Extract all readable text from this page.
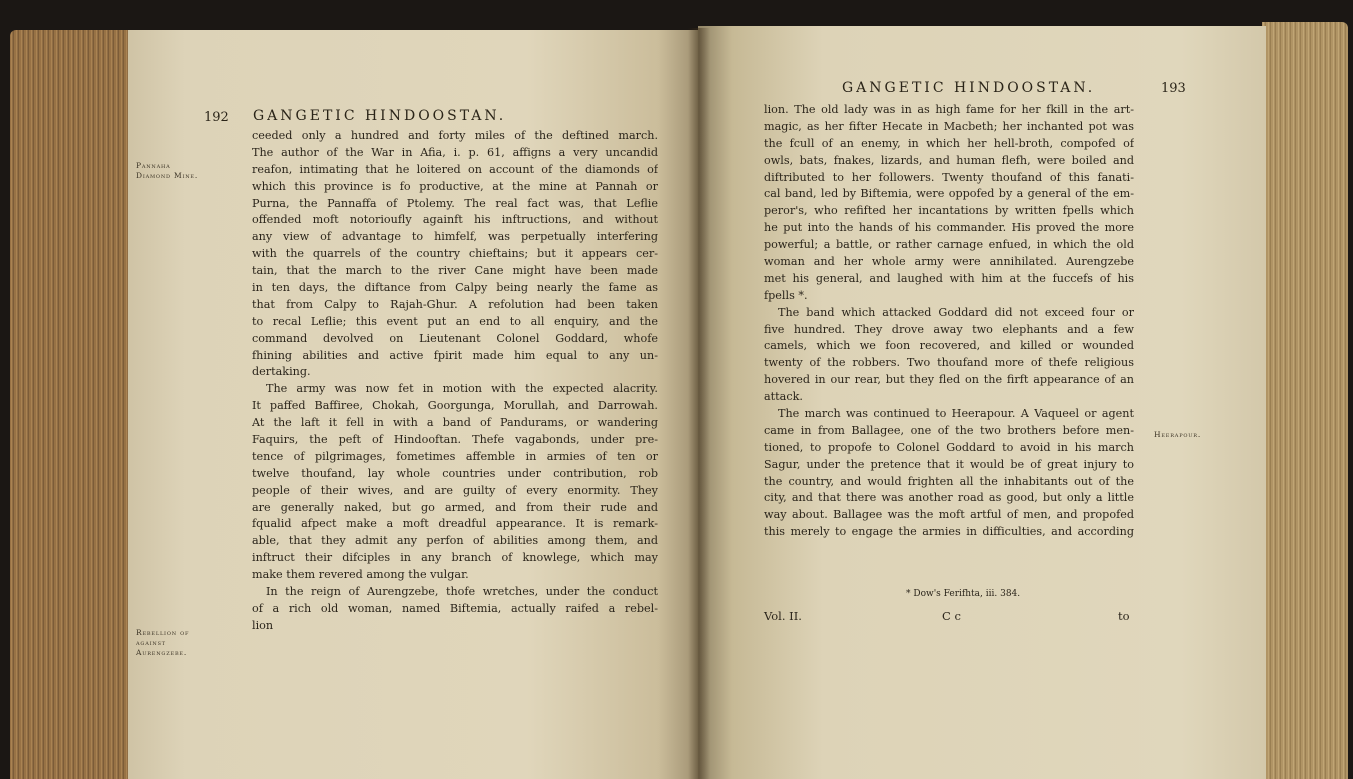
192 GANGETIC HINDOOSTAN.
Pannaha Diamond Mine.
Rebellion of against Aurengzebe.
ceeded only a hundred and forty miles of the deftined march.
The author of the War in Afia, i. p. 61, affigns a very uncandid
reafon, intimating that he loitered on account of the diamonds of
which this province is fo productive, at the mine at Pannah or
Purna, the Pannaffa of Ptolemy. The real fact was, that Leflie
offended moft notorioufly againft his inftructions, and without
any view of advantage to himfelf, was perpetually interfering
with the quarrels of the country chieftains; but it appears cer-
tain, that the march to the river Cane might have been made
in ten days, the diftance from Calpy being nearly the fame as
that from Calpy to Rajah-Ghur. A refolution had been taken
to recal Leflie; this event put an end to all enquiry, and the
command devolved on Lieutenant Colonel Goddard, whofe
fhining abilities and active fpirit made him equal to any un-
dertaking.
The army was now fet in motion with the expected alacrity.
It paffed Baffiree, Chokah, Goorgunga, Morullah, and Darrowah.
At the laft it fell in with a band of Pandurams, or wandering
Faquirs, the peft of Hindooftan. Thefe vagabonds, under pre-
tence of pilgrimages, fometimes affemble in armies of ten or
twelve thoufand, lay whole countries under contribution, rob
people of their wives, and are guilty of every enormity. They
are generally naked, but go armed, and from their rude and
fqualid afpect make a moft dreadful appearance. It is remark-
able, that they admit any perfon of abilities among them, and
inftruct their difciples in any branch of knowlege, which may
make them revered among the vulgar.
In the reign of Aurengzebe, thofe wretches, under the conduct
of a rich old woman, named Biftemia, actually raifed a rebel-
lion
GANGETIC HINDOOSTAN.	193
Heerapour.
lion. The old lady was in as high fame for her fkill in the art-
magic, as her fifter Hecate in Macbeth; her inchanted pot was
the fcull of an enemy, in which her hell-broth, compofed of
owls, bats, fnakes, lizards, and human flefh, were boiled and
diftributed to her followers. Twenty thoufand of this fanati-
cal band, led by Biftemia, were oppofed by a general of the em-
peror's, who refifted her incantations by written fpells which
he put into the hands of his commander. His proved the more
powerful; a battle, or rather carnage enfued, in which the old
woman and her whole army were annihilated. Aurengzebe
met his general, and laughed with him at the fuccefs of his
fpells *.
The band which attacked Goddard did not exceed four or
five hundred. They drove away two elephants and a few
camels, which we foon recovered, and killed or wounded
twenty of the robbers. Two thoufand more of thefe religious
hovered in our rear, but they fled on the firft appearance of an
attack.
The march was continued to Heerapour. A Vaqueel or agent
came in from Ballagee, one of the two brothers before men-
tioned, to propofe to Colonel Goddard to avoid in his march
Sagur, under the pretence that it would be of great injury to
the country, and would frighten all the inhabitants out of the
city, and that there was another road as good, but only a little
way about. Ballagee was the moft artful of men, and propofed
this merely to engage the armies in difficulties, and according
* Dow's Ferifhta, iii. 384.
Vol. II.	C c	to
